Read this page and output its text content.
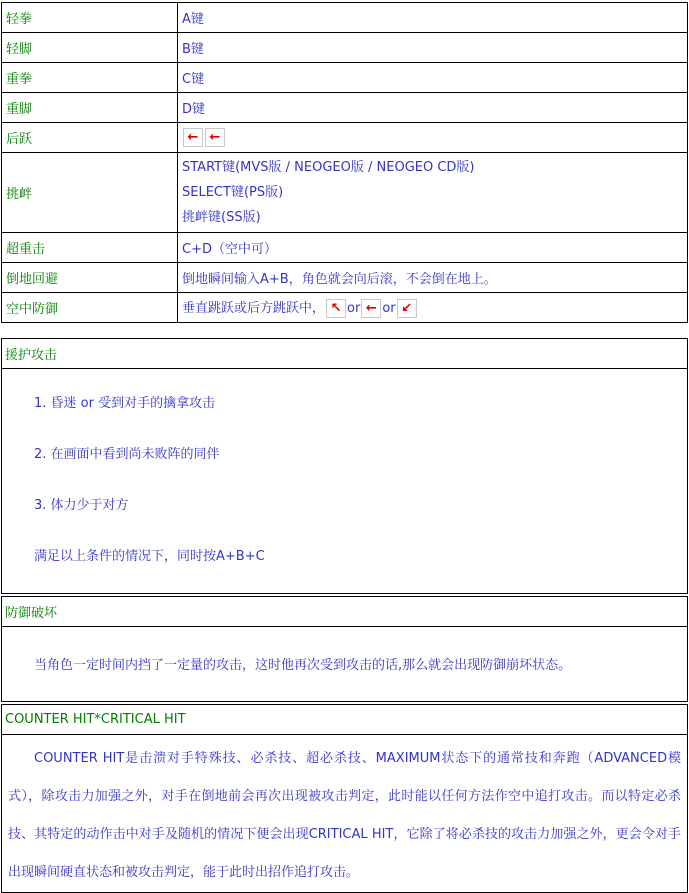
轻拳	A键
轻脚	B键
重拳	C键
重脚	D键
后跃	← ←
挑衅	START键(MVS版 / NEOGEO版 / NEOGEO CD版)
SELECT键(PS版)
挑衅键(SS版)

超重击	C+D（空中可）
倒地回避	倒地瞬间输入A+B，角色就会向后滚，不会倒在地上。
空中防御	垂直跳跃或后方跳跃中， ↖ or ← or ↙
援护攻击

1. 昏迷 or 受到对手的擒拿攻击

2. 在画面中看到尚未败阵的同伴

3. 体力少于对方

满足以上条件的情况下，同时按A+B+C

防御破坏

当角色一定时间内挡了一定量的攻击，这时他再次受到攻击的话,那么就会出现防御崩坏状态。

COUNTER HIT*CRITICAL HIT

COUNTER HIT是击溃对手特殊技、必杀技、超必杀技、MAXIMUM状态下的通常技和奔跑（ADVANCED模式），除攻击力加强之外，对手在倒地前会再次出现被攻击判定，此时能以任何方法作空中追打攻击。而以特定必杀技、其特定的动作击中对手及随机的情况下便会出现CRITICAL HIT，它除了将必杀技的攻击力加强之外，更会令对手出现瞬间硬直状态和被攻击判定，能于此时出招作追打攻击。
